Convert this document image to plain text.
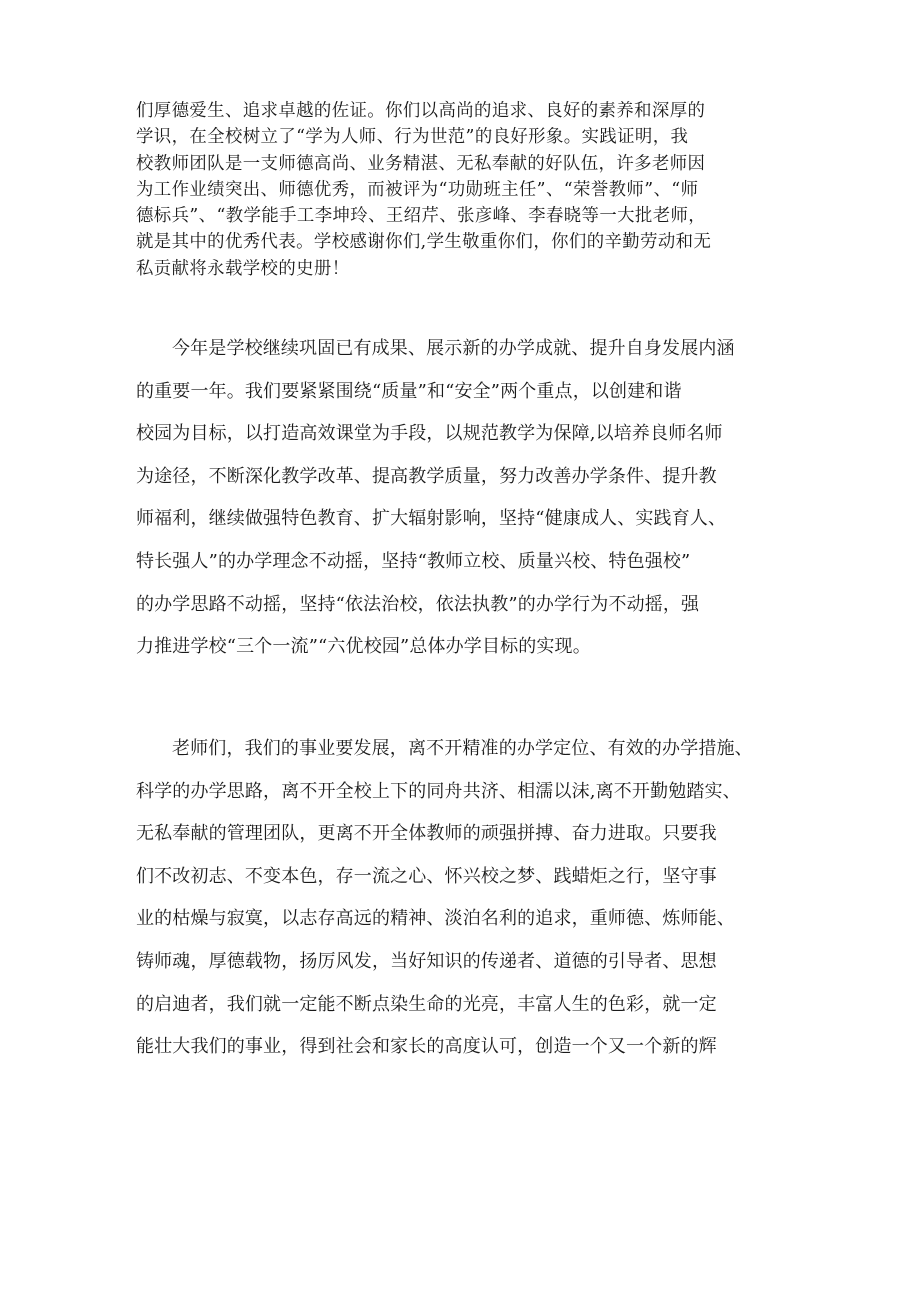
们厚德爱生、追求卓越的佐证。你们以高尚的追求、良好的素养和深厚的
学识，在全校树立了“学为人师、行为世范”的良好形象。实践证明，我
校教师团队是一支师德高尚、业务精湛、无私奉献的好队伍，许多老师因
为工作业绩突出、师德优秀，而被评为“功勋班主任”、“荣誉教师”、“师
德标兵”、“教学能手工李坤玲、王绍芹、张彦峰、李春晓等一大批老师，
就是其中的优秀代表。学校感谢你们,学生敬重你们，你们的辛勤劳动和无
私贡献将永载学校的史册！
今年是学校继续巩固已有成果、展示新的办学成就、提升自身发展内涵
的重要一年。我们要紧紧围绕“质量”和“安全”两个重点，以创建和谐
校园为目标，以打造高效课堂为手段，以规范教学为保障,以培养良师名师
为途径，不断深化教学改革、提高教学质量，努力改善办学条件、提升教
师福利，继续做强特色教育、扩大辐射影响，坚持“健康成人、实践育人、
特长强人”的办学理念不动摇，坚持“教师立校、质量兴校、特色强校”
的办学思路不动摇，坚持“依法治校，依法执教”的办学行为不动摇，强
力推进学校“三个一流”“六优校园”总体办学目标的实现。
老师们，我们的事业要发展，离不开精准的办学定位、有效的办学措施、
科学的办学思路，离不开全校上下的同舟共济、相濡以沫,离不开勤勉踏实、
无私奉献的管理团队，更离不开全体教师的顽强拼搏、奋力进取。只要我
们不改初志、不变本色，存一流之心、怀兴校之梦、践蜡炬之行，坚守事
业的枯燥与寂寞，以志存高远的精神、淡泊名利的追求，重师德、炼师能、
铸师魂，厚德载物，扬厉风发，当好知识的传递者、道德的引导者、思想
的启迪者，我们就一定能不断点染生命的光亮，丰富人生的色彩，就一定
能壮大我们的事业，得到社会和家长的高度认可，创造一个又一个新的辉
